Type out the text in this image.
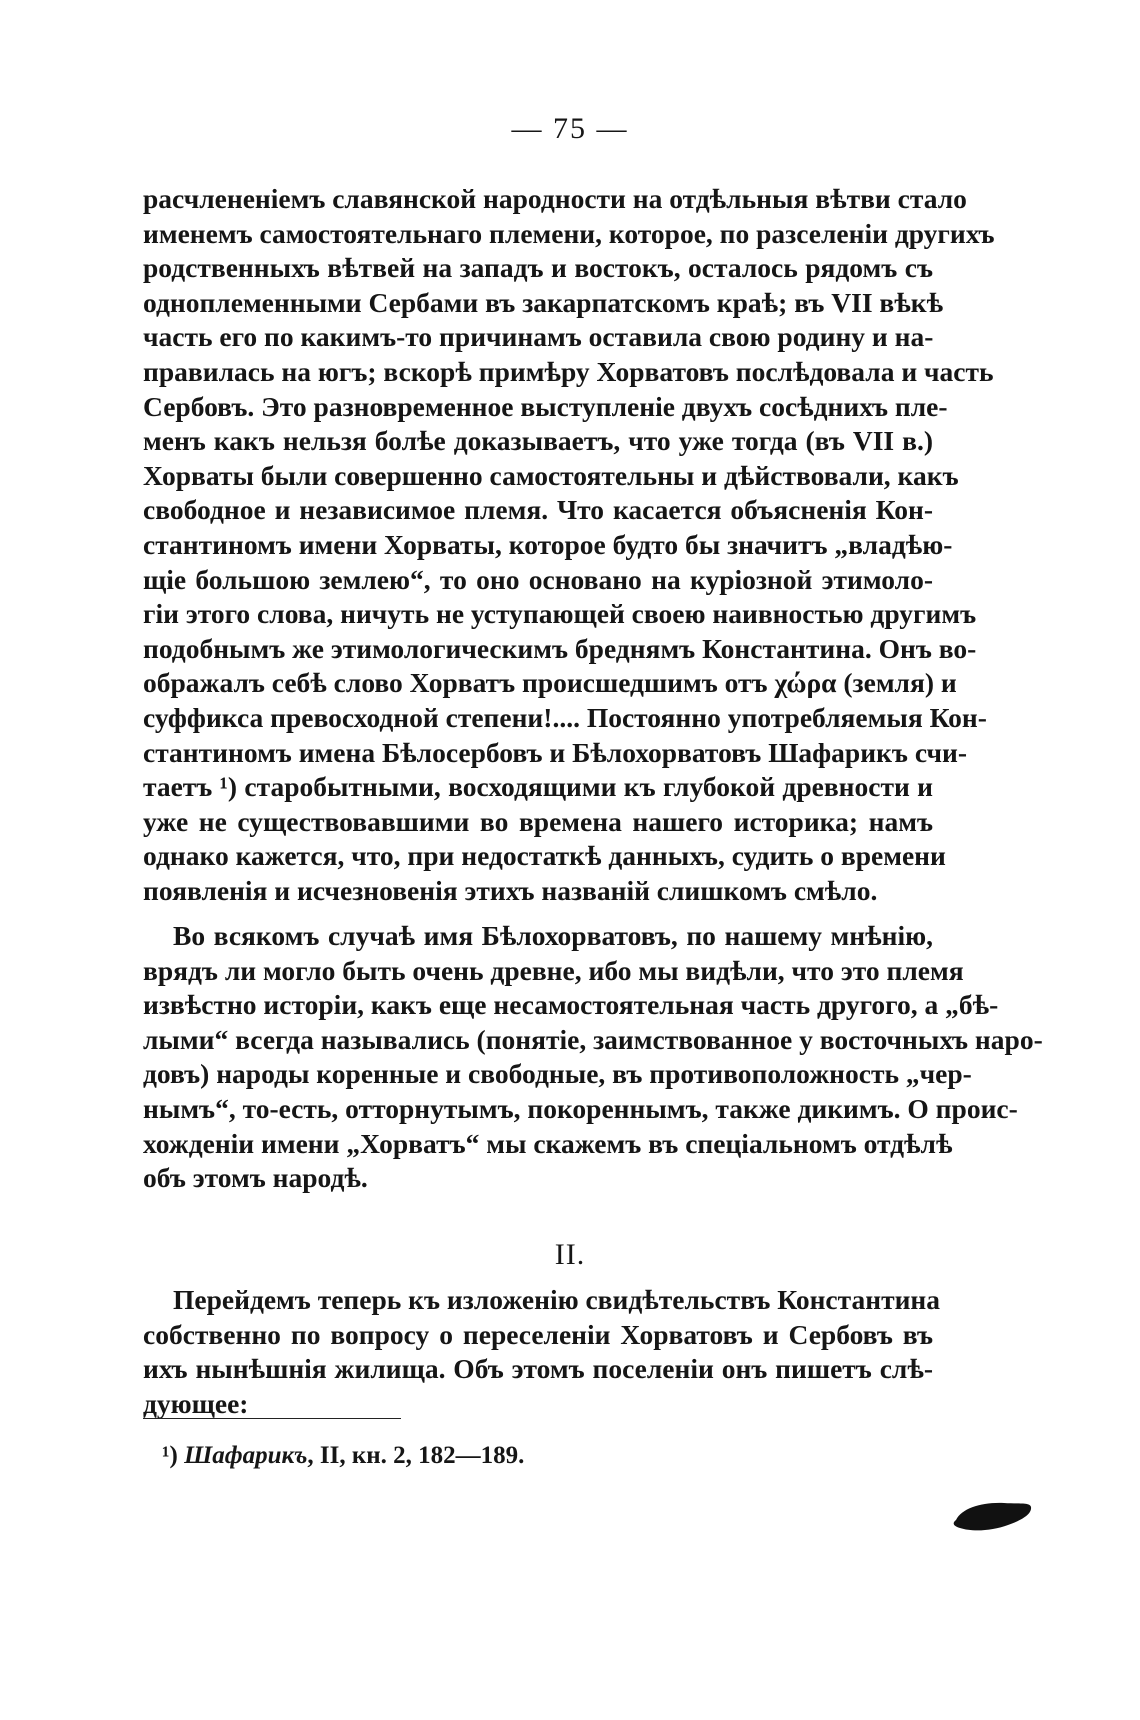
— 75 —
расчлененіемъ славянской народности на отдѣльныя вѣтви стало
именемъ самостоятельнаго племени, которое, по разселеніи другихъ
родственныхъ вѣтвей на западъ и востокъ, осталось рядомъ съ
одноплеменными Сербами въ закарпатскомъ краѣ; въ VII вѣкѣ
часть его по какимъ-то причинамъ оставила свою родину и на-
правилась на югъ; вскорѣ примѣру Хорватовъ послѣдовала и часть
Сербовъ. Это разновременное выступленіе двухъ сосѣднихъ пле-
менъ какъ нельзя болѣе доказываетъ, что уже тогда (въ VII в.)
Хорваты были совершенно самостоятельны и дѣйствовали, какъ
свободное и независимое племя. Что касается объясненія Кон-
стантиномъ имени Хорваты, которое будто бы значитъ „владѣю-
щіе большою землею“, то оно основано на куріозной этимоло-
гіи этого слова, ничуть не уступающей своею наивностью другимъ
подобнымъ же этимологическимъ бреднямъ Константина. Онъ во-
ображалъ себѣ слово Хорватъ происшедшимъ отъ χώρα (земля) и
суффикса превосходной степени!.... Постоянно употребляемыя Кон-
стантиномъ имена Бѣлосербовъ и Бѣлохорватовъ Шафарикъ счи-
таетъ ¹) старобытными, восходящими къ глубокой древности и
уже не существовавшими во времена нашего историка; намъ
однако кажется, что, при недостаткѣ данныхъ, судить о времени
появленія и исчезновенія этихъ названій слишкомъ смѣло.
Во всякомъ случаѣ имя Бѣлохорватовъ, по нашему мнѣнію,
врядъ ли могло быть очень древне, ибо мы видѣли, что это племя
извѣстно исторіи, какъ еще несамостоятельная часть другого, а „бѣ-
лыми“ всегда назывались (понятіе, заимствованное у восточныхъ наро-
довъ) народы коренные и свободные, въ противоположность „чер-
нымъ“, то-есть, отторнутымъ, покореннымъ, также дикимъ. О проис-
хожденіи имени „Хорватъ“ мы скажемъ въ спеціальномъ отдѣлѣ
объ этомъ народѣ.
II.
Перейдемъ теперь къ изложенію свидѣтельствъ Константина
собственно по вопросу о переселеніи Хорватовъ и Сербовъ въ
ихъ нынѣшнія жилища. Объ этомъ поселеніи онъ пишетъ слѣ-
дующее:
¹) Шафарикъ, II, кн. 2, 182—189.
